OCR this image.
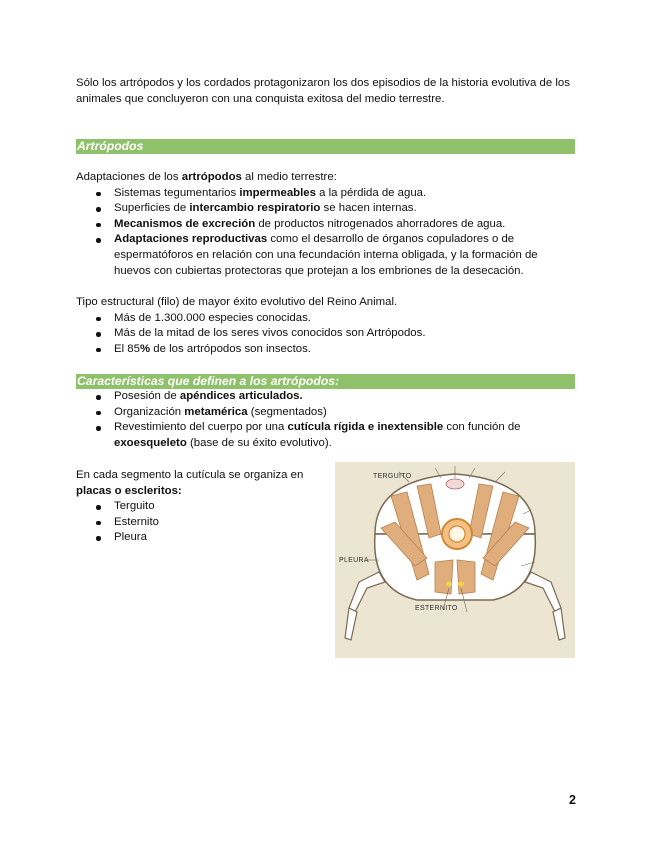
Sólo los artrópodos y los cordados protagonizaron los dos episodios de la historia evolutiva de los animales que concluyeron con una conquista exitosa del medio terrestre.
Artrópodos
Adaptaciones de los artrópodos al medio terrestre:
Sistemas tegumentarios impermeables a la pérdida de agua.
Superficies de intercambio respiratorio se hacen internas.
Mecanismos de excreción de productos nitrogenados ahorradores de agua.
Adaptaciones reproductivas como el desarrollo de órganos copuladores o de espermatóforos en relación con una fecundación interna obligada, y la formación de huevos con cubiertas protectoras que protejan a los embriones de la desecación.
Tipo estructural (filo) de mayor éxito evolutivo del Reino Animal.
Más de 1.300.000 especies conocidas.
Más de la mitad de los seres vivos conocidos son Artrópodos.
El 85% de los artrópodos son insectos.
Características que definen a los artrópodos:
Posesión de apéndices articulados.
Organización metamérica (segmentados)
Revestimiento del cuerpo por una cutícula rígida e inextensible con función de
exoesqueleto (base de su éxito evolutivo).
En cada segmento la cutícula se organiza en
placas o escleritos:
Terguito
Esternito
Pleura
TERGUITO
PLEURA
ESTERNITO
2
